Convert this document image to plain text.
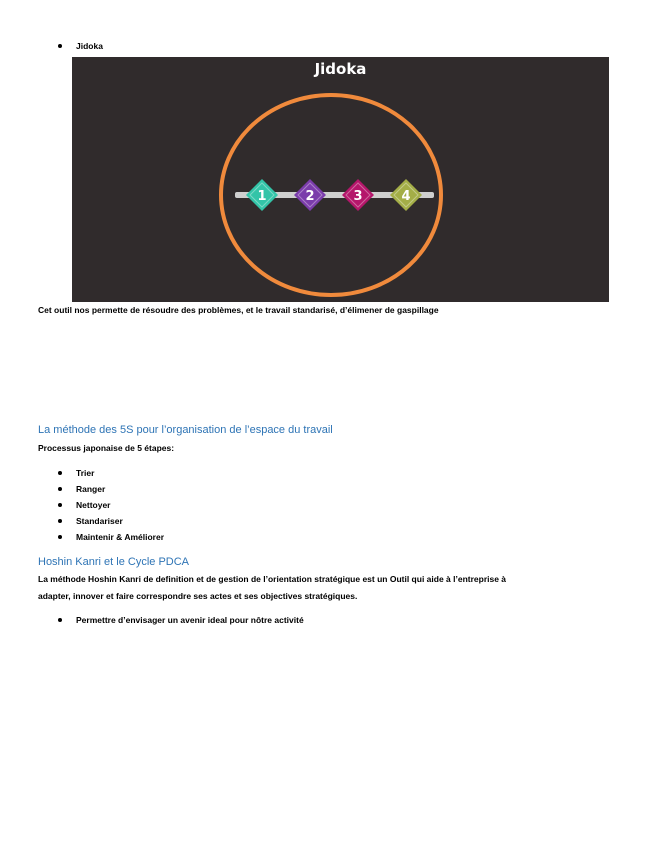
Jidoka
1	2	3	4
Jidoka
Cet outil nos permette de résoudre des problèmes, et le travail standarisé, d’élimener de gaspillage
La méthode des 5S pour l’organisation de l’espace du travail
Processus japonaise de 5 étapes:
Trier
Ranger
Nettoyer
Standariser
Maintenir & Améliorer
Hoshin Kanri et le Cycle PDCA
La méthode Hoshin Kanri de definition et de gestion de l’orientation stratégique est un Outil qui aide à l’entreprise à
adapter, innover et faire correspondre ses actes et ses objectives stratégiques.
Permettre d’envisager un avenir ideal pour nôtre activité
